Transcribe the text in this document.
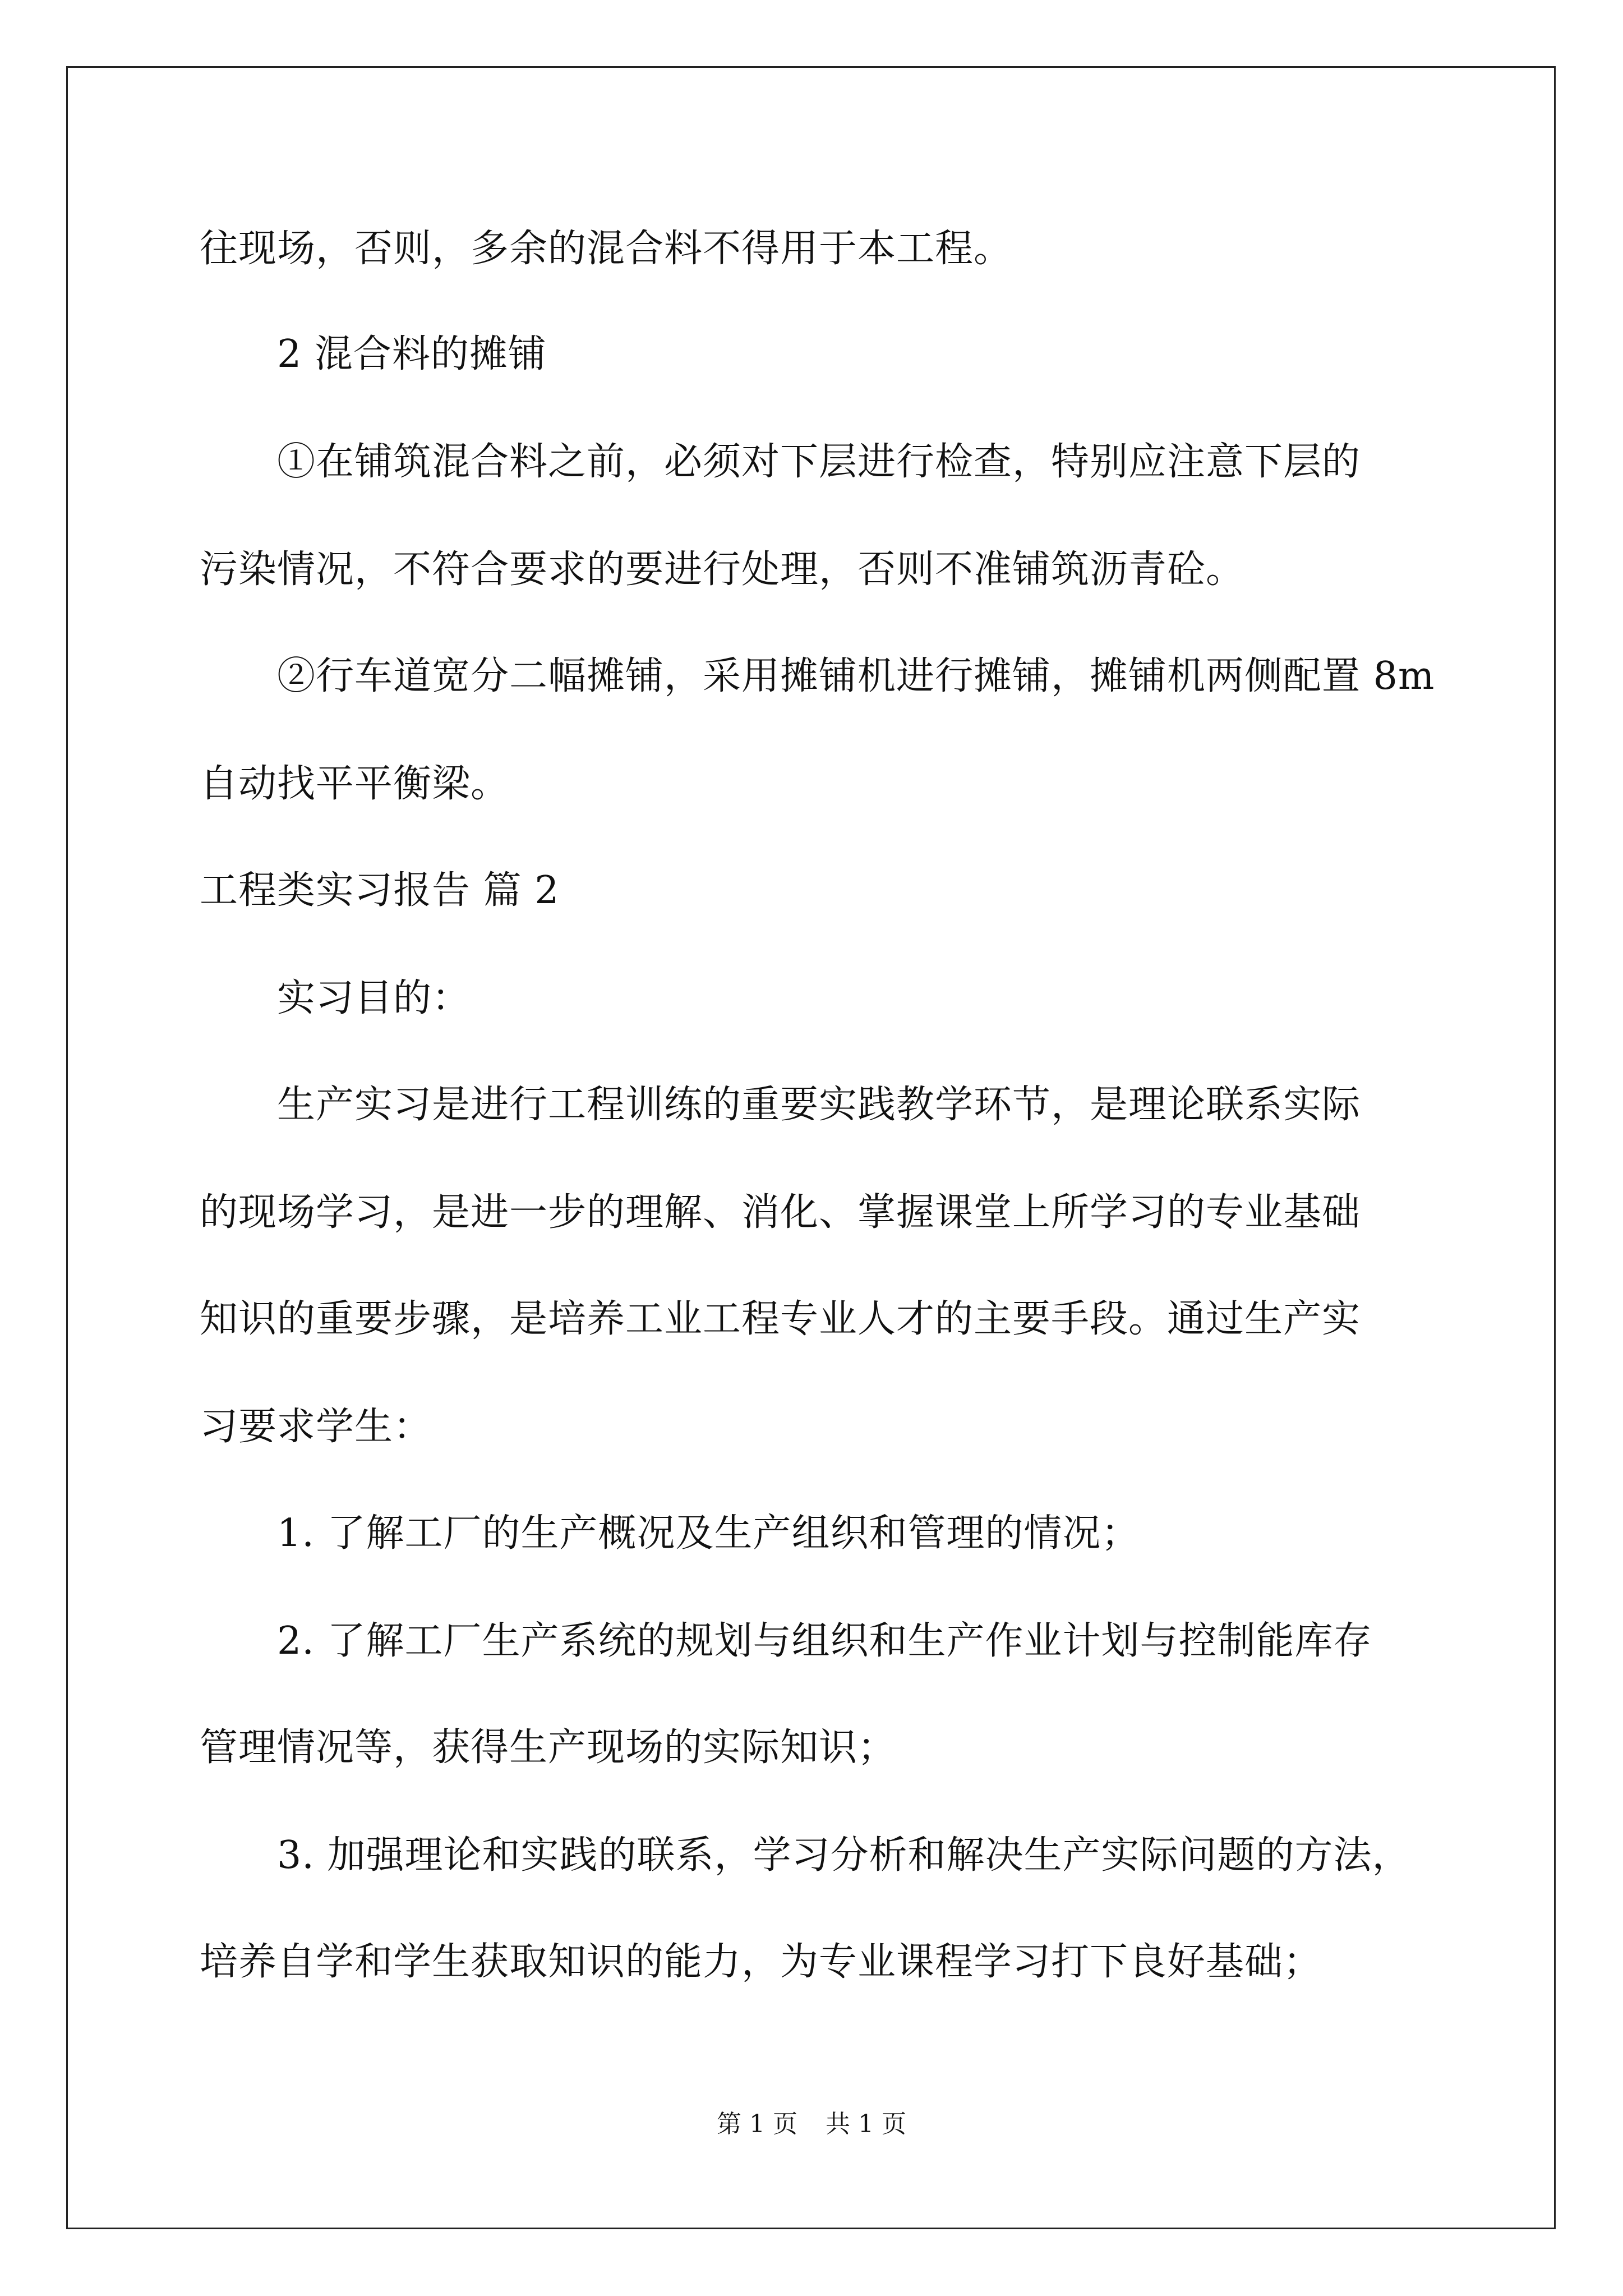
往现场，否则，多余的混合料不得用于本工程。
2 混合料的摊铺
①在铺筑混合料之前，必须对下层进行检查，特别应注意下层的
污染情况，不符合要求的要进行处理，否则不准铺筑沥青砼。
②行车道宽分二幅摊铺，采用摊铺机进行摊铺，摊铺机两侧配置 8m
自动找平平衡梁。
工程类实习报告 篇 2
实习目的：
生产实习是进行工程训练的重要实践教学环节，是理论联系实际
的现场学习，是进一步的理解、消化、掌握课堂上所学习的专业基础
知识的重要步骤，是培养工业工程专业人才的主要手段。通过生产实
习要求学生：
1. 了解工厂的生产概况及生产组织和管理的情况；
2. 了解工厂生产系统的规划与组织和生产作业计划与控制能库存
管理情况等，获得生产现场的实际知识；
3. 加强理论和实践的联系，学习分析和解决生产实际问题的方法，
培养自学和学生获取知识的能力，为专业课程学习打下良好基础；
第 1 页 共 1 页
